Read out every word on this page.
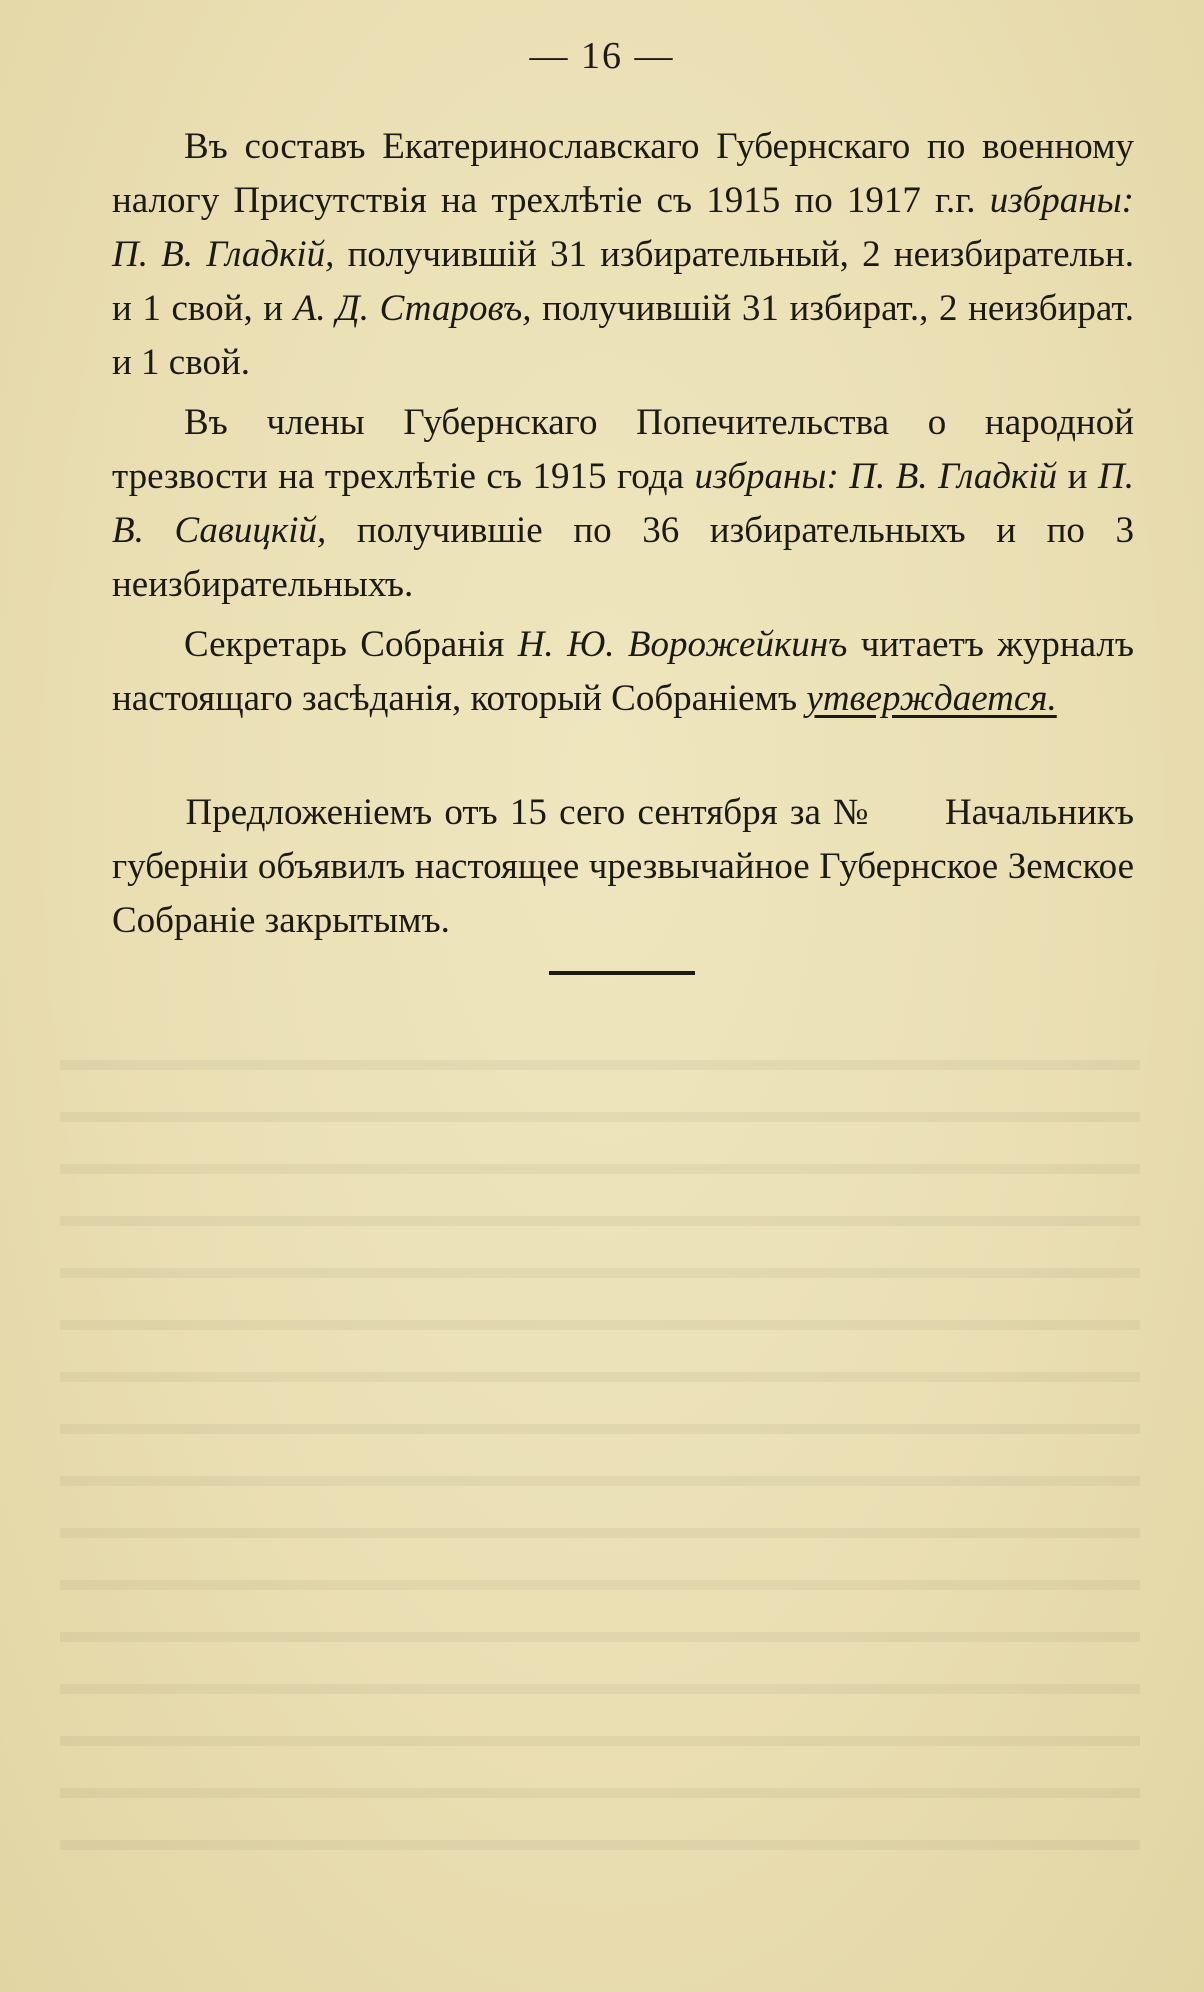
— 16 —

Въ составъ Екатеринославскаго Губернскаго по военному налогу Присутствія на трехлѣтіе съ 1915 по 1917 г.г. избраны: П. В. Гладкій, получившій 31 избирательный, 2 неизбирательн. и 1 свой, и А. Д. Старовъ, получившій 31 избират., 2 неизбират. и 1 свой.

Въ члены Губернскаго Попечительства о народной трезвости на трехлѣтіе съ 1915 года избраны: П. В. Гладкій и П. В. Савицкій, получившіе по 36 избирательныхъ и по 3 неизбирательныхъ.

Секретарь Собранія Н. Ю. Ворожейкинъ читаетъ журналъ настоящаго засѣданія, который Собраніемъ утверждается.

Предложеніемъ отъ 15 сего сентября за №      Начальникъ губерніи объявилъ настоящее чрезвычайное Губернское Земское Собраніе закрытымъ.
